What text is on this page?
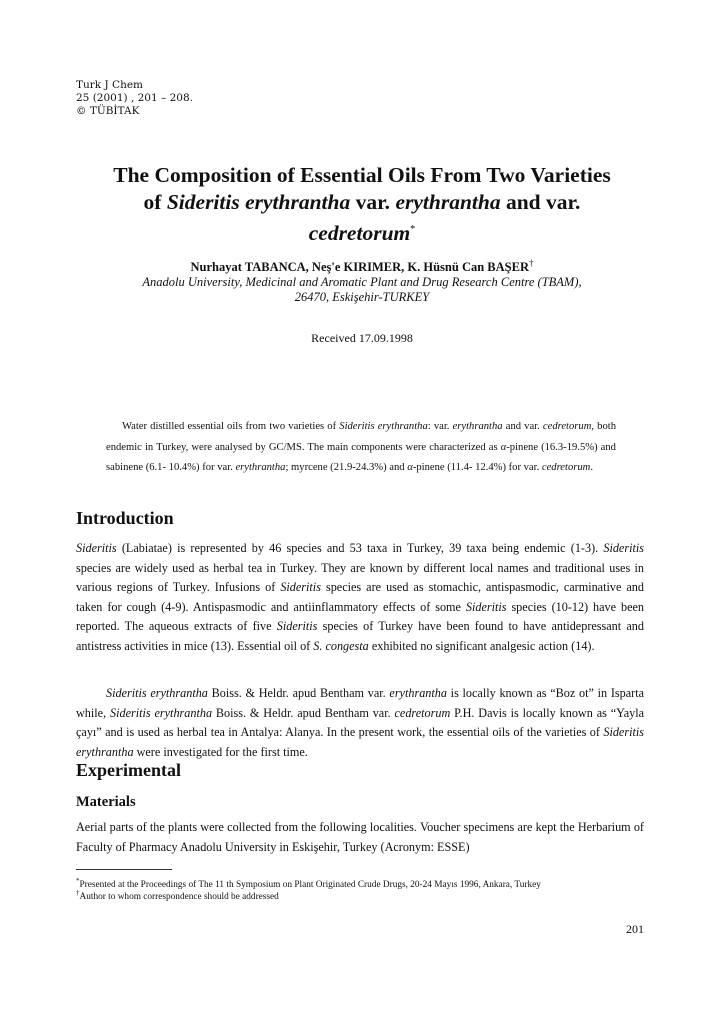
Turk J Chem
25 (2001) , 201 – 208.
© TÜBİTAK
The Composition of Essential Oils From Two Varieties
of Sideritis erythrantha var. erythrantha and var.
cedretorum*
Nurhayat TABANCA, Neş'e KIRIMER, K. Hüsnü Can BAŞER†
Anadolu University, Medicinal and Aromatic Plant and Drug Research Centre (TBAM),
26470, Eskişehir-TURKEY
Received 17.09.1998
Water distilled essential oils from two varieties of Sideritis erythrantha: var. erythrantha and var. cedretorum, both endemic in Turkey, were analysed by GC/MS. The main components were characterized as α-pinene (16.3-19.5%) and sabinene (6.1- 10.4%) for var. erythrantha; myrcene (21.9-24.3%) and α-pinene (11.4- 12.4%) for var. cedretorum.
Introduction
Sideritis (Labiatae) is represented by 46 species and 53 taxa in Turkey, 39 taxa being endemic (1-3). Sideritis species are widely used as herbal tea in Turkey. They are known by different local names and traditional uses in various regions of Turkey. Infusions of Sideritis species are used as stomachic, antispasmodic, carminative and taken for cough (4-9). Antispasmodic and antiinflammatory effects of some Sideritis species (10-12) have been reported. The aqueous extracts of five Sideritis species of Turkey have been found to have antidepressant and antistress activities in mice (13). Essential oil of S. congesta exhibited no significant analgesic action (14).
Sideritis erythrantha Boiss. & Heldr. apud Bentham var. erythrantha is locally known as “Boz ot” in Isparta while, Sideritis erythrantha Boiss. & Heldr. apud Bentham var. cedretorum P.H. Davis is locally known as “Yayla çayı” and is used as herbal tea in Antalya: Alanya. In the present work, the essential oils of the varieties of Sideritis erythrantha were investigated for the first time.
Experimental
Materials
Aerial parts of the plants were collected from the following localities. Voucher specimens are kept the Herbarium of Faculty of Pharmacy Anadolu University in Eskişehir, Turkey (Acronym: ESSE)
*Presented at the Proceedings of The 11 th Symposium on Plant Originated Crude Drugs, 20-24 Mayıs 1996, Ankara, Turkey
†Author to whom correspondence should be addressed
201
